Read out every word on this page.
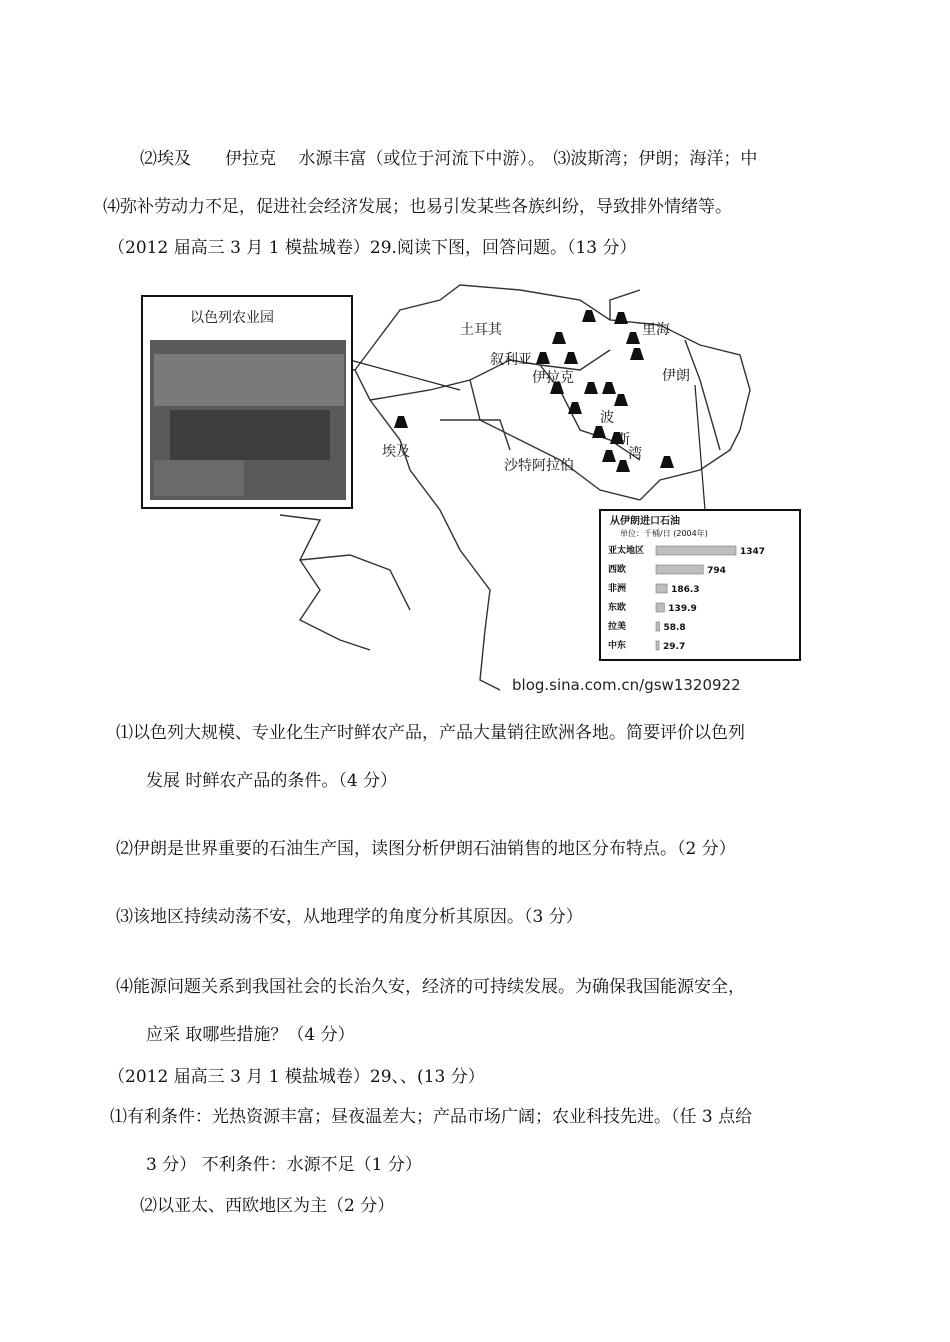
⑵埃及　　伊拉克　 水源丰富（或位于河流下中游）。　⑶波斯湾；伊朗；海洋；中
⑷弥补劳动力不足，促进社会经济发展；也易引发某些各族纠纷，导致排外情绪等。
（2012 届高三 3 月 1 模盐城卷）29.阅读下图，回答问题。（13 分）
以色列农业园
土耳其
叙利亚
伊拉克	伊朗
里海
埃及
沙特阿拉伯
波
斯
湾
从伊朗进口石油
单位：千桶/日 (2004年)
亚太地区	1347
西欧	794
非洲	186.3
东欧	139.9
拉美	58.8
中东	29.7
blog.sina.com.cn/gsw1320922
⑴以色列大规模、专业化生产时鲜农产品，产品大量销往欧洲各地。简要评价以色列
发展 时鲜农产品的条件。（4 分）
⑵伊朗是世界重要的石油生产国，读图分析伊朗石油销售的地区分布特点。（2 分）
⑶该地区持续动荡不安，从地理学的角度分析其原因。（3 分）
⑷能源问题关系到我国社会的长治久安，经济的可持续发展。为确保我国能源安全，
应采 取哪些措施？（4 分）
（2012 届高三 3 月 1 模盐城卷）29、、(13 分）
⑴有利条件：光热资源丰富；昼夜温差大；产品市场广阔；农业科技先进。（任 3 点给
3 分） 不利条件：水源不足（1 分）
⑵以亚太、西欧地区为主（2 分）
